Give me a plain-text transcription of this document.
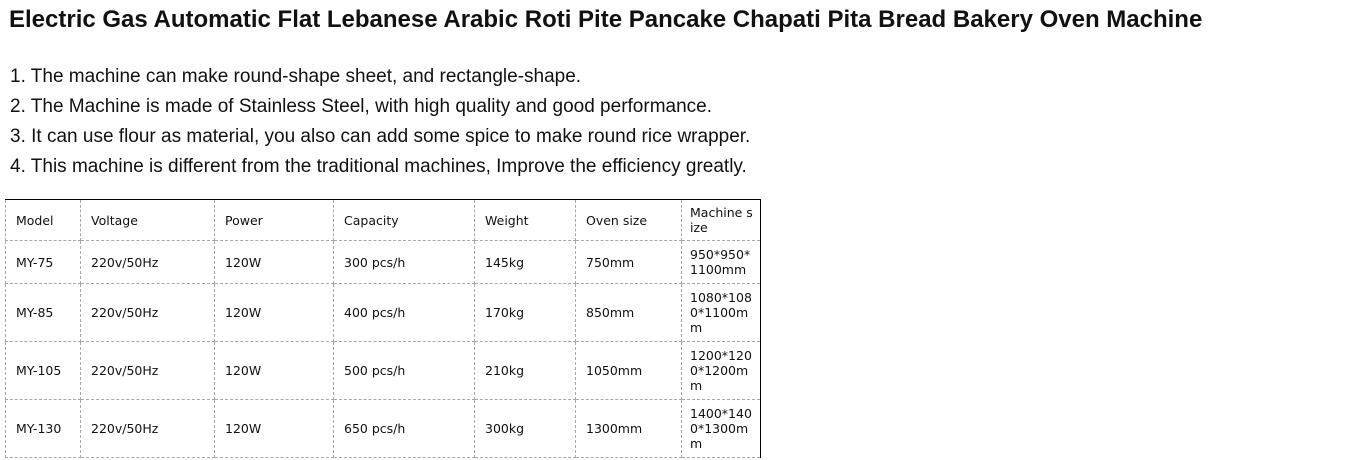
Electric Gas Automatic Flat Lebanese Arabic Roti Pite Pancake Chapati Pita Bread Bakery Oven Machine
1. The machine can make round-shape sheet, and rectangle-shape.
2. The Machine is made of Stainless Steel, with high quality and good performance.
3. It can use flour as material, you also can add some spice to make round rice wrapper.
4. This machine is different from the traditional machines, Improve the efficiency greatly.
Model	Voltage	Power	Capacity	Weight	Oven size	Machine size
MY-75	220v/50Hz	120W	300 pcs/h	145kg	750mm	950*950*1100mm
MY-85	220v/50Hz	120W	400 pcs/h	170kg	850mm	1080*1080*1100mm
MY-105	220v/50Hz	120W	500 pcs/h	210kg	1050mm	1200*1200*1200mm
MY-130	220v/50Hz	120W	650 pcs/h	300kg	1300mm	1400*1400*1300mm
